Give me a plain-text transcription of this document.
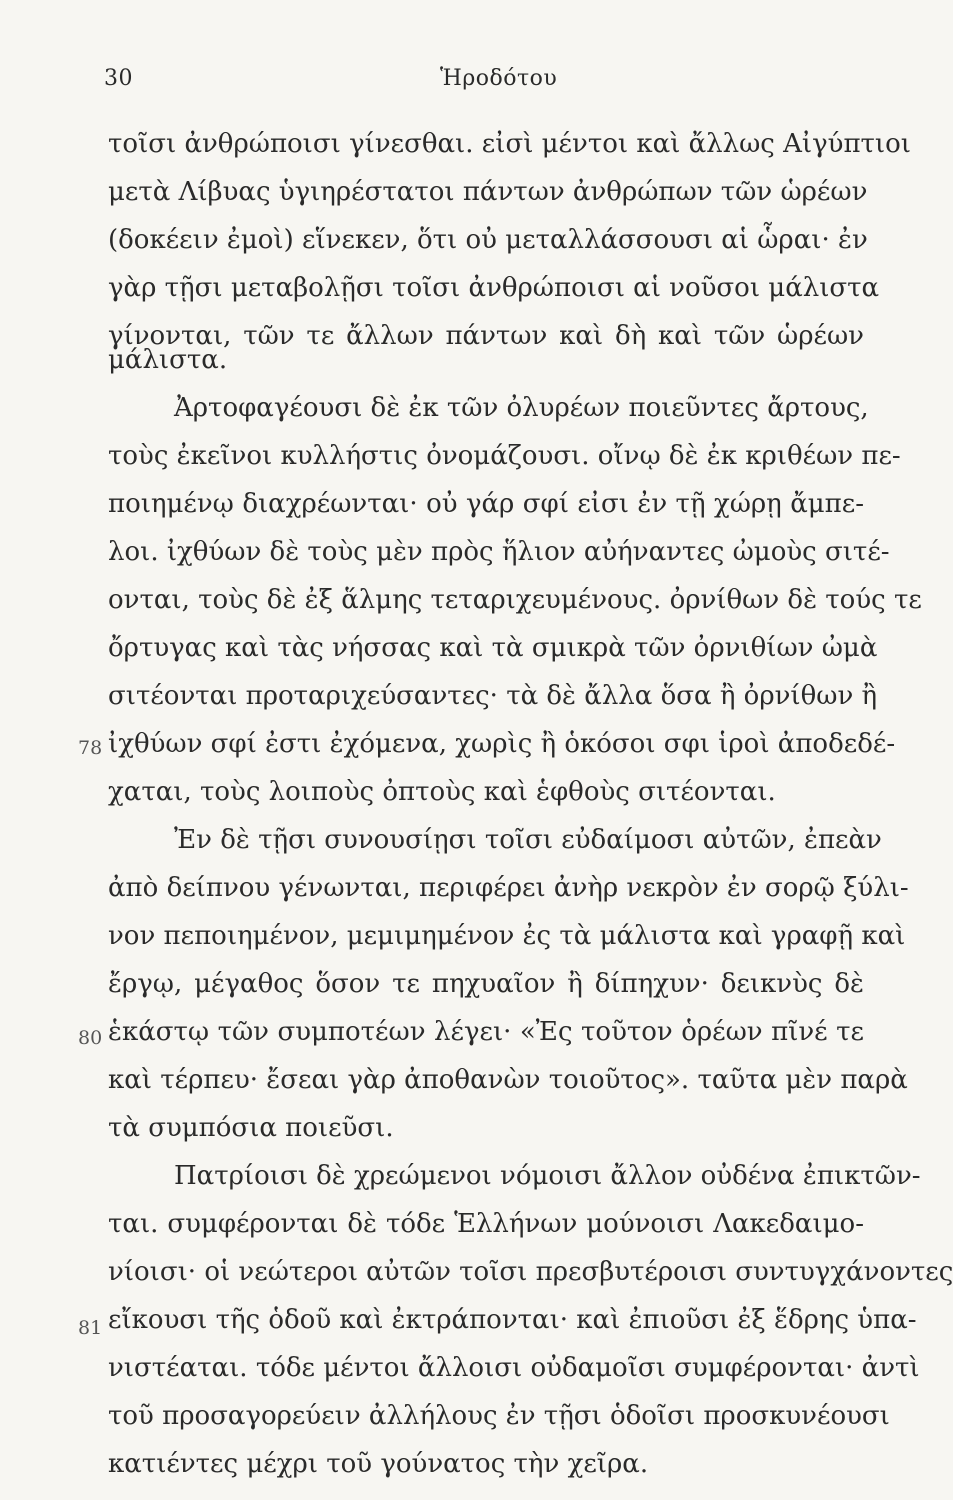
30	Ἡροδότου
78
80
81
τοῖσι ἀνθρώποισι γίνεσθαι. εἰσὶ μέντοι καὶ ἄλλως Αἰγύπτιοι
μετὰ Λίβυας ὑγιηρέστατοι πάντων ἀνθρώπων τῶν ὡρέων
(δοκέειν ἐμοὶ) εἵνεκεν, ὅτι οὐ μεταλλάσσουσι αἱ ὧραι· ἐν
γὰρ τῇσι μεταβολῇσι τοῖσι ἀνθρώποισι αἱ νοῦσοι μάλιστα
γίνονται, τῶν τε ἄλλων πάντων καὶ δὴ καὶ τῶν ὡρέων
μάλιστα.
Ἀρτοφαγέουσι δὲ ἐκ τῶν ὀλυρέων ποιεῦντες ἄρτους,
τοὺς ἐκεῖνοι κυλλήστις ὀνομάζουσι. οἴνῳ δὲ ἐκ κριθέων πε-
ποιημένῳ διαχρέωνται· οὐ γάρ σφί εἰσι ἐν τῇ χώρῃ ἄμπε-
λοι. ἰχθύων δὲ τοὺς μὲν πρὸς ἥλιον αὐήναντες ὠμοὺς σιτέ-
ονται, τοὺς δὲ ἐξ ἅλμης τεταριχευμένους. ὀρνίθων δὲ τούς τε
ὄρτυγας καὶ τὰς νήσσας καὶ τὰ σμικρὰ τῶν ὀρνιθίων ὠμὰ
σιτέονται προταριχεύσαντες· τὰ δὲ ἄλλα ὅσα ἢ ὀρνίθων ἢ
ἰχθύων σφί ἐστι ἐχόμενα, χωρὶς ἢ ὁκόσοι σφι ἱροὶ ἀποδεδέ-
χαται, τοὺς λοιποὺς ὀπτοὺς καὶ ἑφθοὺς σιτέονται.
Ἐν δὲ τῇσι συνουσίῃσι τοῖσι εὐδαίμοσι αὐτῶν, ἐπεὰν
ἀπὸ δείπνου γένωνται, περιφέρει ἀνὴρ νεκρὸν ἐν σορῷ ξύλι-
νον πεποιημένον, μεμιμημένον ἐς τὰ μάλιστα καὶ γραφῇ καὶ
ἔργῳ, μέγαθος ὅσον τε πηχυαῖον ἢ δίπηχυν· δεικνὺς δὲ
ἑκάστῳ τῶν συμποτέων λέγει· «Ἐς τοῦτον ὁρέων πῖνέ τε
καὶ τέρπευ· ἔσεαι γὰρ ἀποθανὼν τοιοῦτος». ταῦτα μὲν παρὰ
τὰ συμπόσια ποιεῦσι.
Πατρίοισι δὲ χρεώμενοι νόμοισι ἄλλον οὐδένα ἐπικτῶν-
ται. συμφέρονται δὲ τόδε Ἑλλήνων μούνοισι Λακεδαιμο-
νίοισι· οἱ νεώτεροι αὐτῶν τοῖσι πρεσβυτέροισι συντυγχάνοντες
εἴκουσι τῆς ὁδοῦ καὶ ἐκτράπονται· καὶ ἐπιοῦσι ἐξ ἕδρης ὑπα-
νιστέαται. τόδε μέντοι ἄλλοισι οὐδαμοῖσι συμφέρονται· ἀντὶ
τοῦ προσαγορεύειν ἀλλήλους ἐν τῇσι ὁδοῖσι προσκυνέουσι
κατιέντες μέχρι τοῦ γούνατος τὴν χεῖρα.
